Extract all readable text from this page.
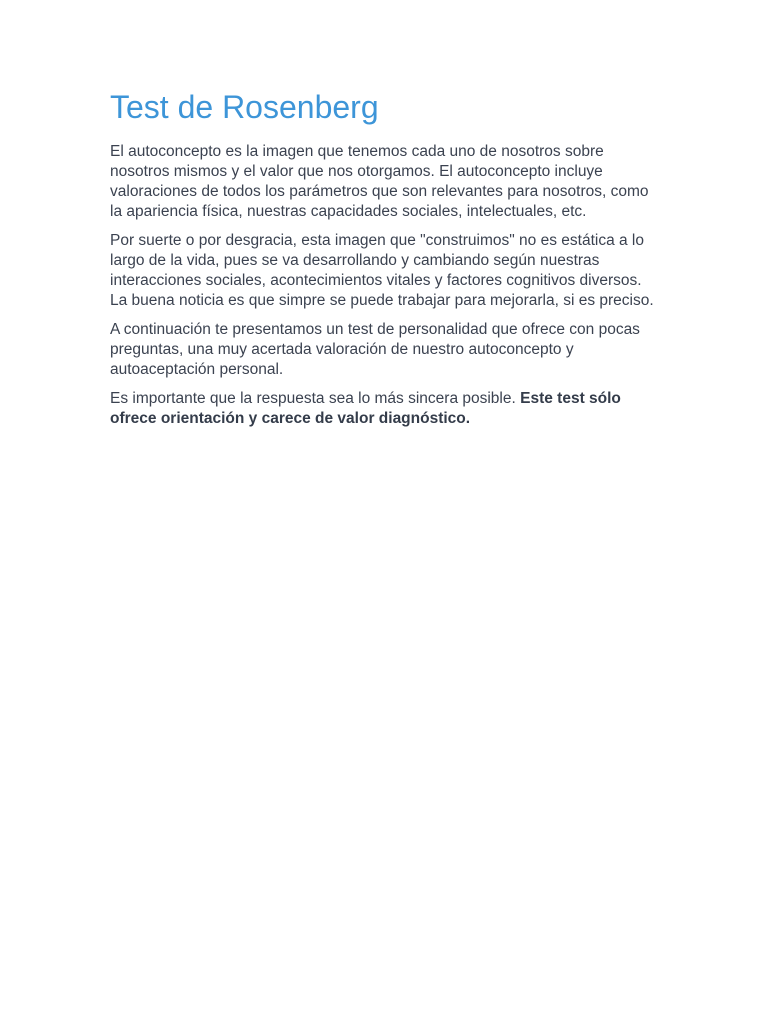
Test de Rosenberg

El autoconcepto es la imagen que tenemos cada uno de nosotros sobre nosotros mismos y el valor que nos otorgamos. El autoconcepto incluye valoraciones de todos los parámetros que son relevantes para nosotros, como la apariencia física, nuestras capacidades sociales, intelectuales, etc.

Por suerte o por desgracia, esta imagen que "construimos" no es estática a lo largo de la vida, pues se va desarrollando y cambiando según nuestras interacciones sociales, acontecimientos vitales y factores cognitivos diversos. La buena noticia es que simpre se puede trabajar para mejorarla, si es preciso.

A continuación te presentamos un test de personalidad que ofrece con pocas preguntas, una muy acertada valoración de nuestro autoconcepto y autoaceptación personal.

Es importante que la respuesta sea lo más sincera posible. Este test sólo ofrece orientación y carece de valor diagnóstico.
